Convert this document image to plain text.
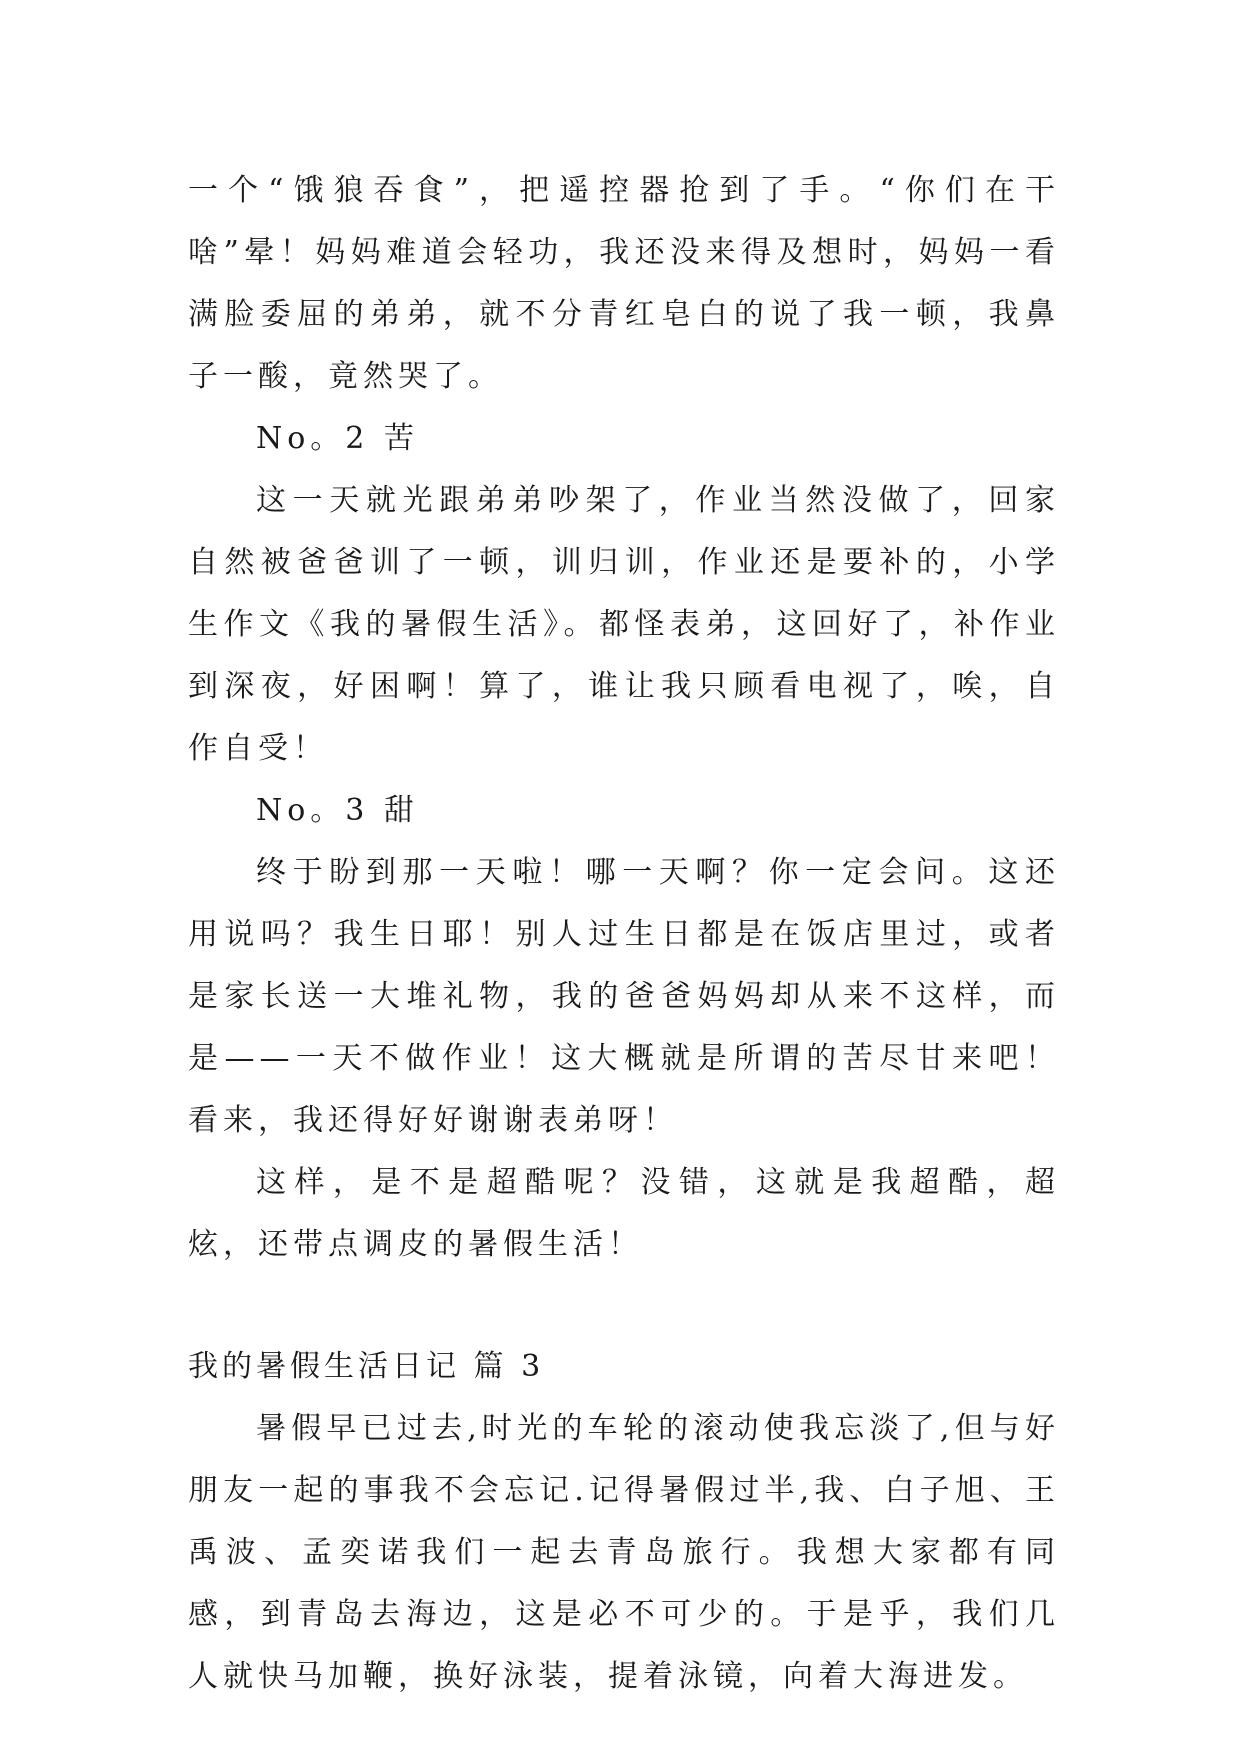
一个“饿狼吞食”，把遥控器抢到了手。“你们在干啥”晕！妈妈难道会轻功，我还没来得及想时，妈妈一看满脸委屈的弟弟，就不分青红皂白的说了我一顿，我鼻子一酸，竟然哭了。

No。2 苦

这一天就光跟弟弟吵架了，作业当然没做了，回家自然被爸爸训了一顿，训归训，作业还是要补的，小学生作文《我的暑假生活》。都怪表弟，这回好了，补作业到深夜，好困啊！算了，谁让我只顾看电视了，唉，自作自受！

No。3 甜

终于盼到那一天啦！哪一天啊？你一定会问。这还用说吗？我生日耶！别人过生日都是在饭店里过，或者是家长送一大堆礼物，我的爸爸妈妈却从来不这样，而是——一天不做作业！这大概就是所谓的苦尽甘来吧！看来，我还得好好谢谢表弟呀！

这样，是不是超酷呢？没错，这就是我超酷，超炫，还带点调皮的暑假生活！

我的暑假生活日记 篇 3

暑假早已过去,时光的车轮的滚动使我忘淡了,但与好朋友一起的事我不会忘记.记得暑假过半,我、白子旭、王禹波、孟奕诺我们一起去青岛旅行。我想大家都有同感，到青岛去海边，这是必不可少的。于是乎，我们几人就快马加鞭，换好泳装，提着泳镜，向着大海进发。
